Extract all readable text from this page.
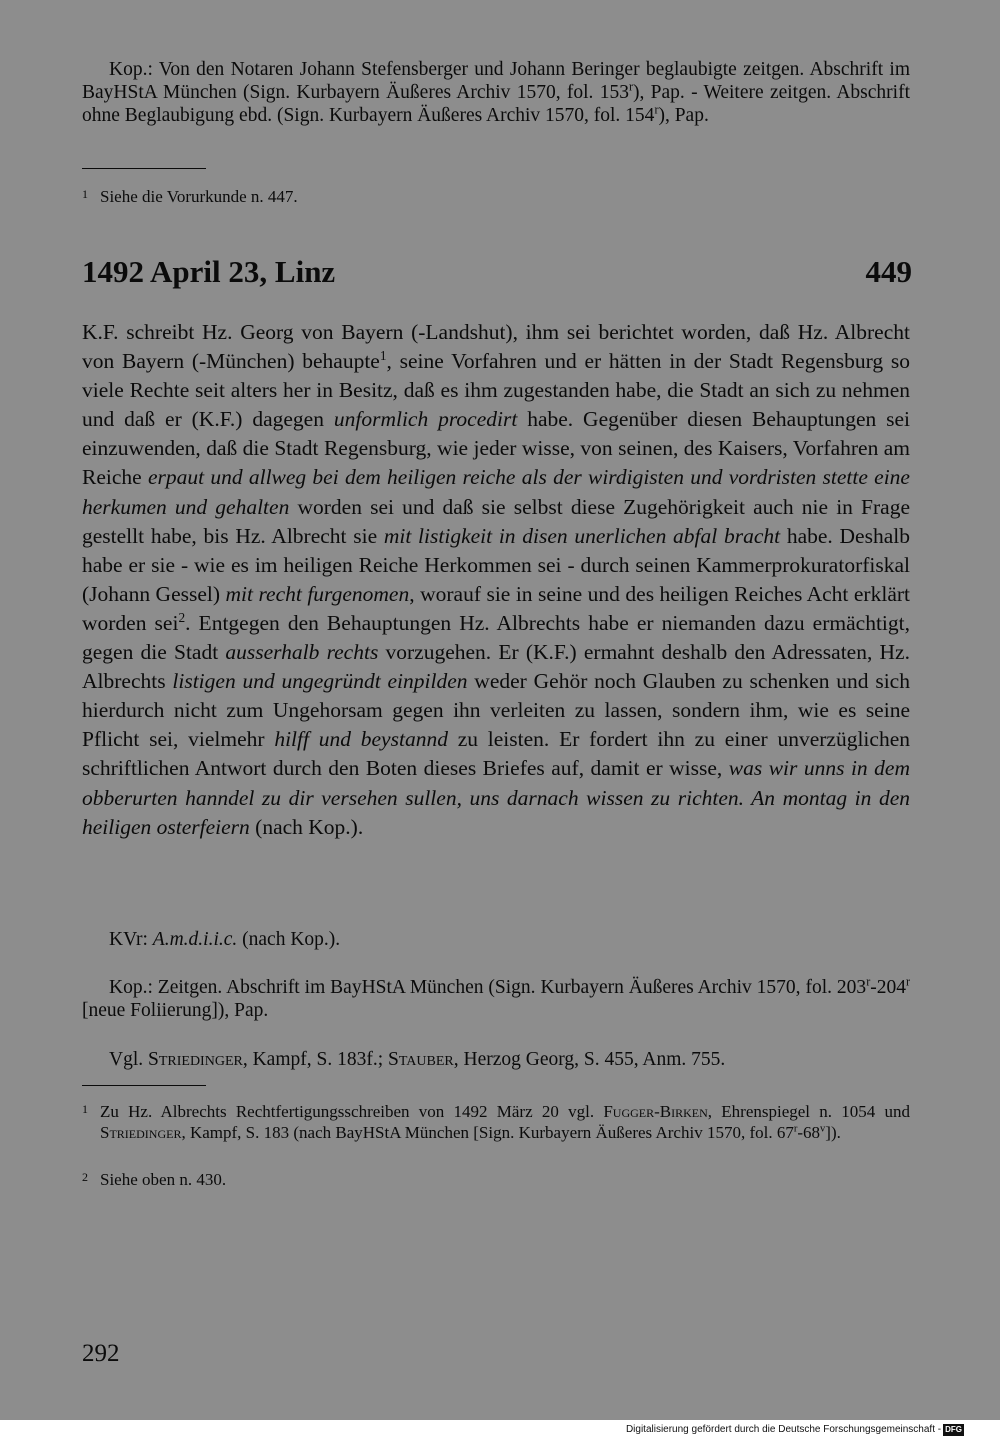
Kop.: Von den Notaren Johann Stefensberger und Johann Beringer beglaubigte zeitgen. Abschrift im BayHStA München (Sign. Kurbayern Äußeres Archiv 1570, fol. 153$^r$), Pap. - Weitere zeitgen. Abschrift ohne Beglaubigung ebd. (Sign. Kurbayern Äußeres Archiv 1570, fol. 154$^r$), Pap.

1 Siehe die Vorurkunde n. 447.
1492 April 23, Linz	449

K.F. schreibt Hz. Georg von Bayern (-Landshut), ihm sei berichtet worden, daß Hz. Albrecht von Bayern (-München) behaupte$^1$, seine Vorfahren und er hätten in der Stadt Regensburg so viele Rechte seit alters her in Besitz, daß es ihm zugestanden habe, die Stadt an sich zu nehmen und daß er (K.F.) dagegen unformlich procedirt habe. Gegenüber diesen Behauptungen sei einzuwenden, daß die Stadt Regensburg, wie jeder wisse, von seinen, des Kaisers, Vorfahren am Reiche erpaut und allweg bei dem heiligen reiche als der wirdigisten und vordristen stette eine herkumen und gehalten worden sei und daß sie selbst diese Zugehörigkeit auch nie in Frage gestellt habe, bis Hz. Albrecht sie mit listigkeit in disen unerlichen abfal bracht habe. Deshalb habe er sie - wie es im heiligen Reiche Herkommen sei - durch seinen Kammerprokuratorfiskal (Johann Gessel) mit recht furgenomen, worauf sie in seine und des heiligen Reiches Acht erklärt worden sei$^2$. Entgegen den Behauptungen Hz. Albrechts habe er niemanden dazu ermächtigt, gegen die Stadt ausserhalb rechts vorzugehen. Er (K.F.) ermahnt deshalb den Adressaten, Hz. Albrechts listigen und ungegründt einpilden weder Gehör noch Glauben zu schenken und sich hierdurch nicht zum Ungehorsam gegen ihn verleiten zu lassen, sondern ihm, wie es seine Pflicht sei, vielmehr hilff und beystannd zu leisten. Er fordert ihn zu einer unverzüglichen schriftlichen Antwort durch den Boten dieses Briefes auf, damit er wisse, was wir unns in dem obberurten hanndel zu dir versehen sullen, uns darnach wissen zu richten. An montag in den heiligen osterfeiern (nach Kop.).

KVr: A.m.d.i.i.c. (nach Kop.).

Kop.: Zeitgen. Abschrift im BayHStA München (Sign. Kurbayern Äußeres Archiv 1570, fol. 203$^r$-204$^r$ [neue Foliierung]), Pap.

Vgl. Striedinger, Kampf, S. 183f.; Stauber, Herzog Georg, S. 455, Anm. 755.

1 Zu Hz. Albrechts Rechtfertigungsschreiben von 1492 März 20 vgl. Fugger-Birken, Ehrenspiegel n. 1054 und Striedinger, Kampf, S. 183 (nach BayHStA München [Sign. Kurbayern Äußeres Archiv 1570, fol. 67$^r$-68$^v$]).
2 Siehe oben n. 430.
292
Digitalisierung gefördert durch die Deutsche Forschungsgemeinschaft - DFG
